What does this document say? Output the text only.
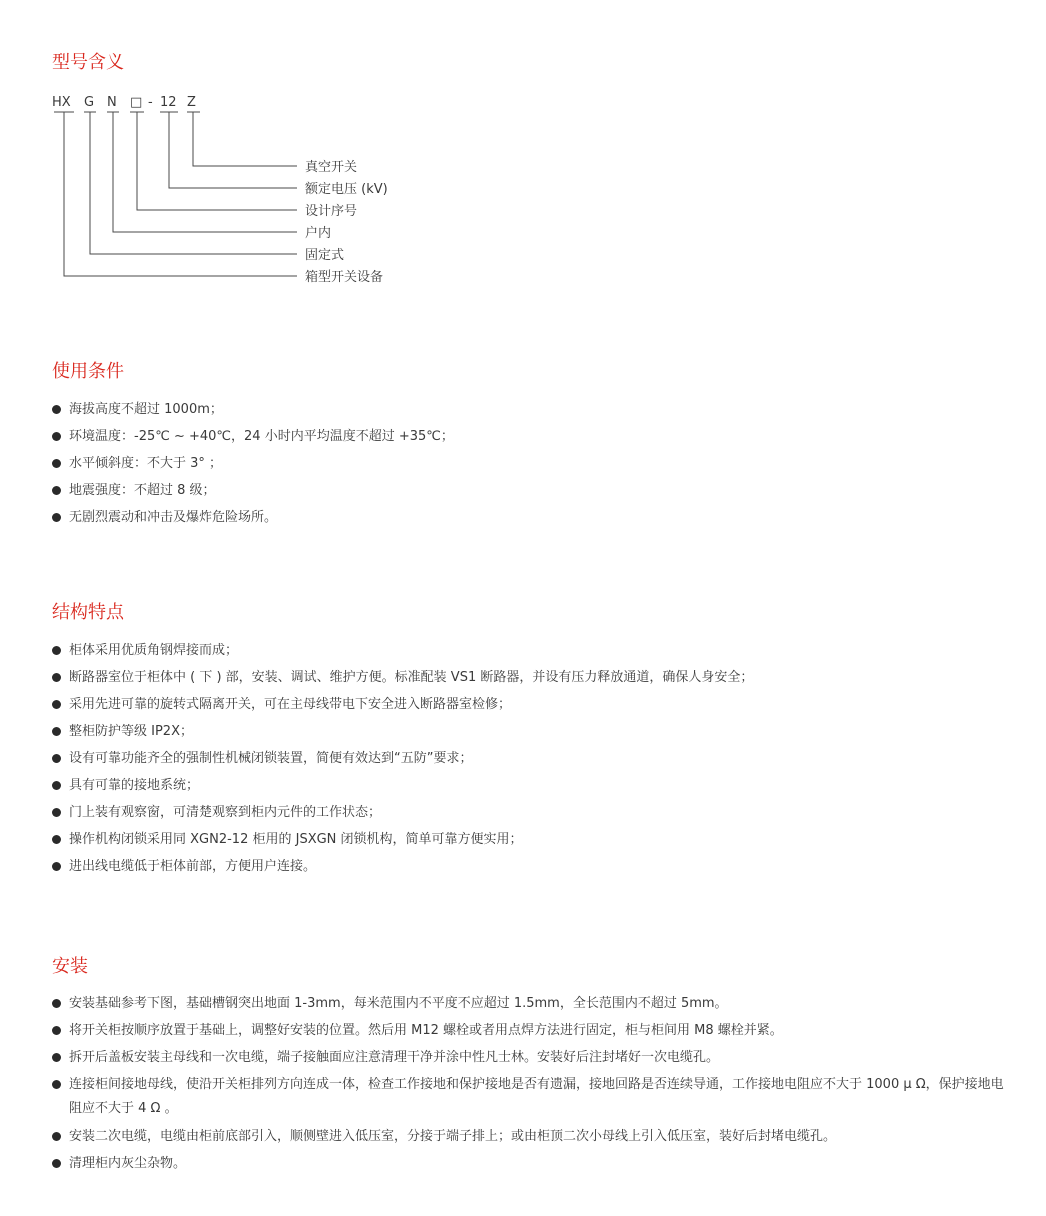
型号含义
HX G N □ - 12 Z
真空开关
额定电压 (kV)
设计序号
户内
固定式
箱型开关设备
使用条件
海拔高度不超过 1000m；
环境温度：-25℃ ~ +40℃，24 小时内平均温度不超过 +35℃；
水平倾斜度：不大于 3° ；
地震强度：不超过 8 级；
无剧烈震动和冲击及爆炸危险场所。
结构特点
柜体采用优质角钢焊接而成；
断路器室位于柜体中 ( 下 ) 部，安装、调试、维护方便。标准配装 VS1 断路器，并设有压力释放通道，确保人身安全；
采用先进可靠的旋转式隔离开关，可在主母线带电下安全进入断路器室检修；
整柜防护等级 IP2X；
设有可靠功能齐全的强制性机械闭锁装置，简便有效达到“五防”要求；
具有可靠的接地系统；
门上装有观察窗，可清楚观察到柜内元件的工作状态；
操作机构闭锁采用同 XGN2-12 柜用的 JSXGN 闭锁机构，简单可靠方便实用；
进出线电缆低于柜体前部，方便用户连接。
安装
安装基础参考下图，基础槽钢突出地面 1-3mm，每米范围内不平度不应超过 1.5mm，全长范围内不超过 5mm。
将开关柜按顺序放置于基础上，调整好安装的位置。然后用 M12 螺栓或者用点焊方法进行固定，柜与柜间用 M8 螺栓并紧。
拆开后盖板安装主母线和一次电缆，端子接触面应注意清理干净并涂中性凡士林。安装好后注封堵好一次电缆孔。
连接柜间接地母线，使沿开关柜排列方向连成一体，检查工作接地和保护接地是否有遗漏，接地回路是否连续导通，工作接地电阻应不大于 1000 μ Ω，保护接地电阻应不大于 4 Ω 。
安装二次电缆，电缆由柜前底部引入，顺侧壁进入低压室，分接于端子排上；或由柜顶二次小母线上引入低压室，装好后封堵电缆孔。
清理柜内灰尘杂物。
